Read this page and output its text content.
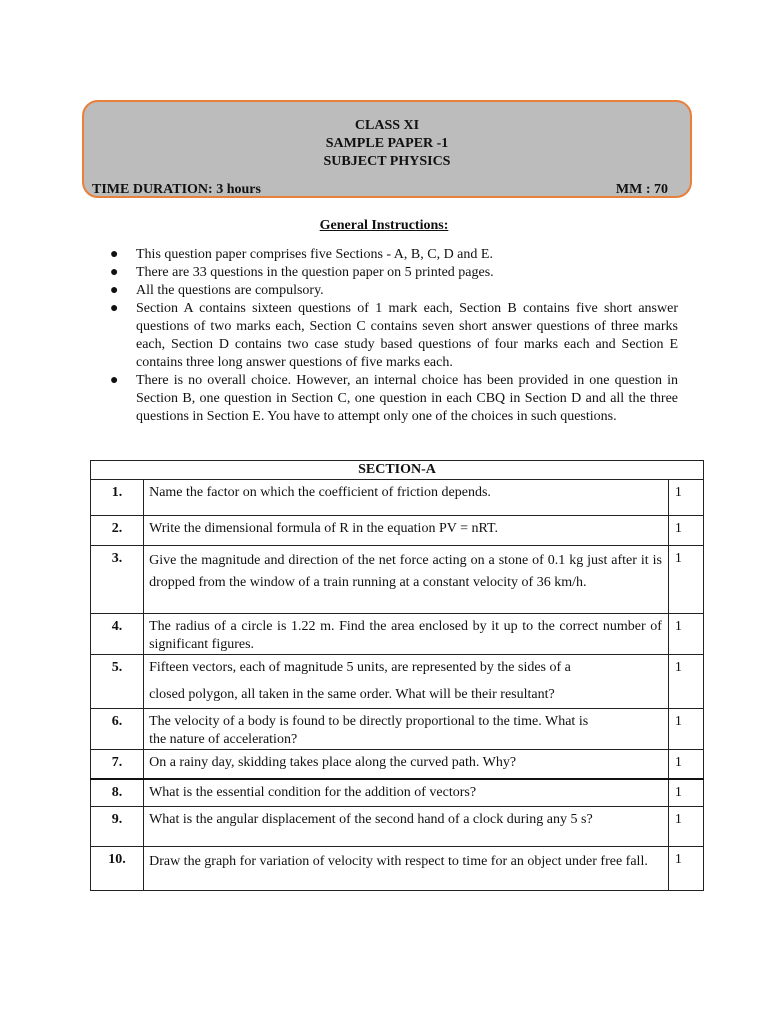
CLASS XI
SAMPLE PAPER -1
SUBJECT PHYSICS
TIME DURATION: 3 hours	MM : 70
General Instructions:
● This question paper comprises five Sections - A, B, C, D and E.
● There are 33 questions in the question paper on 5 printed pages.
● All the questions are compulsory.
● Section A contains sixteen questions of 1 mark each, Section B contains five short answer questions of two marks each, Section C contains seven short answer questions of three marks each, Section D contains two case study based questions of four marks each and Section E contains three long answer questions of five marks each.
● There is no overall choice. However, an internal choice has been provided in one question in Section B, one question in Section C, one question in each CBQ in Section D and all the three questions in Section E. You have to attempt only one of the choices in such questions.
SECTION-A		
1.	Name the factor on which the coefficient of friction depends.	1
2.	Write the dimensional formula of R in the equation PV = nRT.	1
3.	Give the magnitude and direction of the net force acting on a stone of 0.1 kg just after it is dropped from the window of a train running at a constant velocity of 36 km/h.	1
4.	The radius of a circle is 1.22 m. Find the area enclosed by it up to the correct number of significant figures.	1
5.	Fifteen vectors, each of magnitude 5 units, are represented by the sides of a
closed polygon, all taken in the same order. What will be their resultant?	1
6.	The velocity of a body is found to be directly proportional to the time. What is
the nature of acceleration?	1
7.	On a rainy day, skidding takes place along the curved path. Why?	1
8.	What is the essential condition for the addition of vectors?	1
9.	What is the angular displacement of the second hand of a clock during any 5 s?	1
10.	Draw the graph for variation of velocity with respect to time for an object under free fall.	1
